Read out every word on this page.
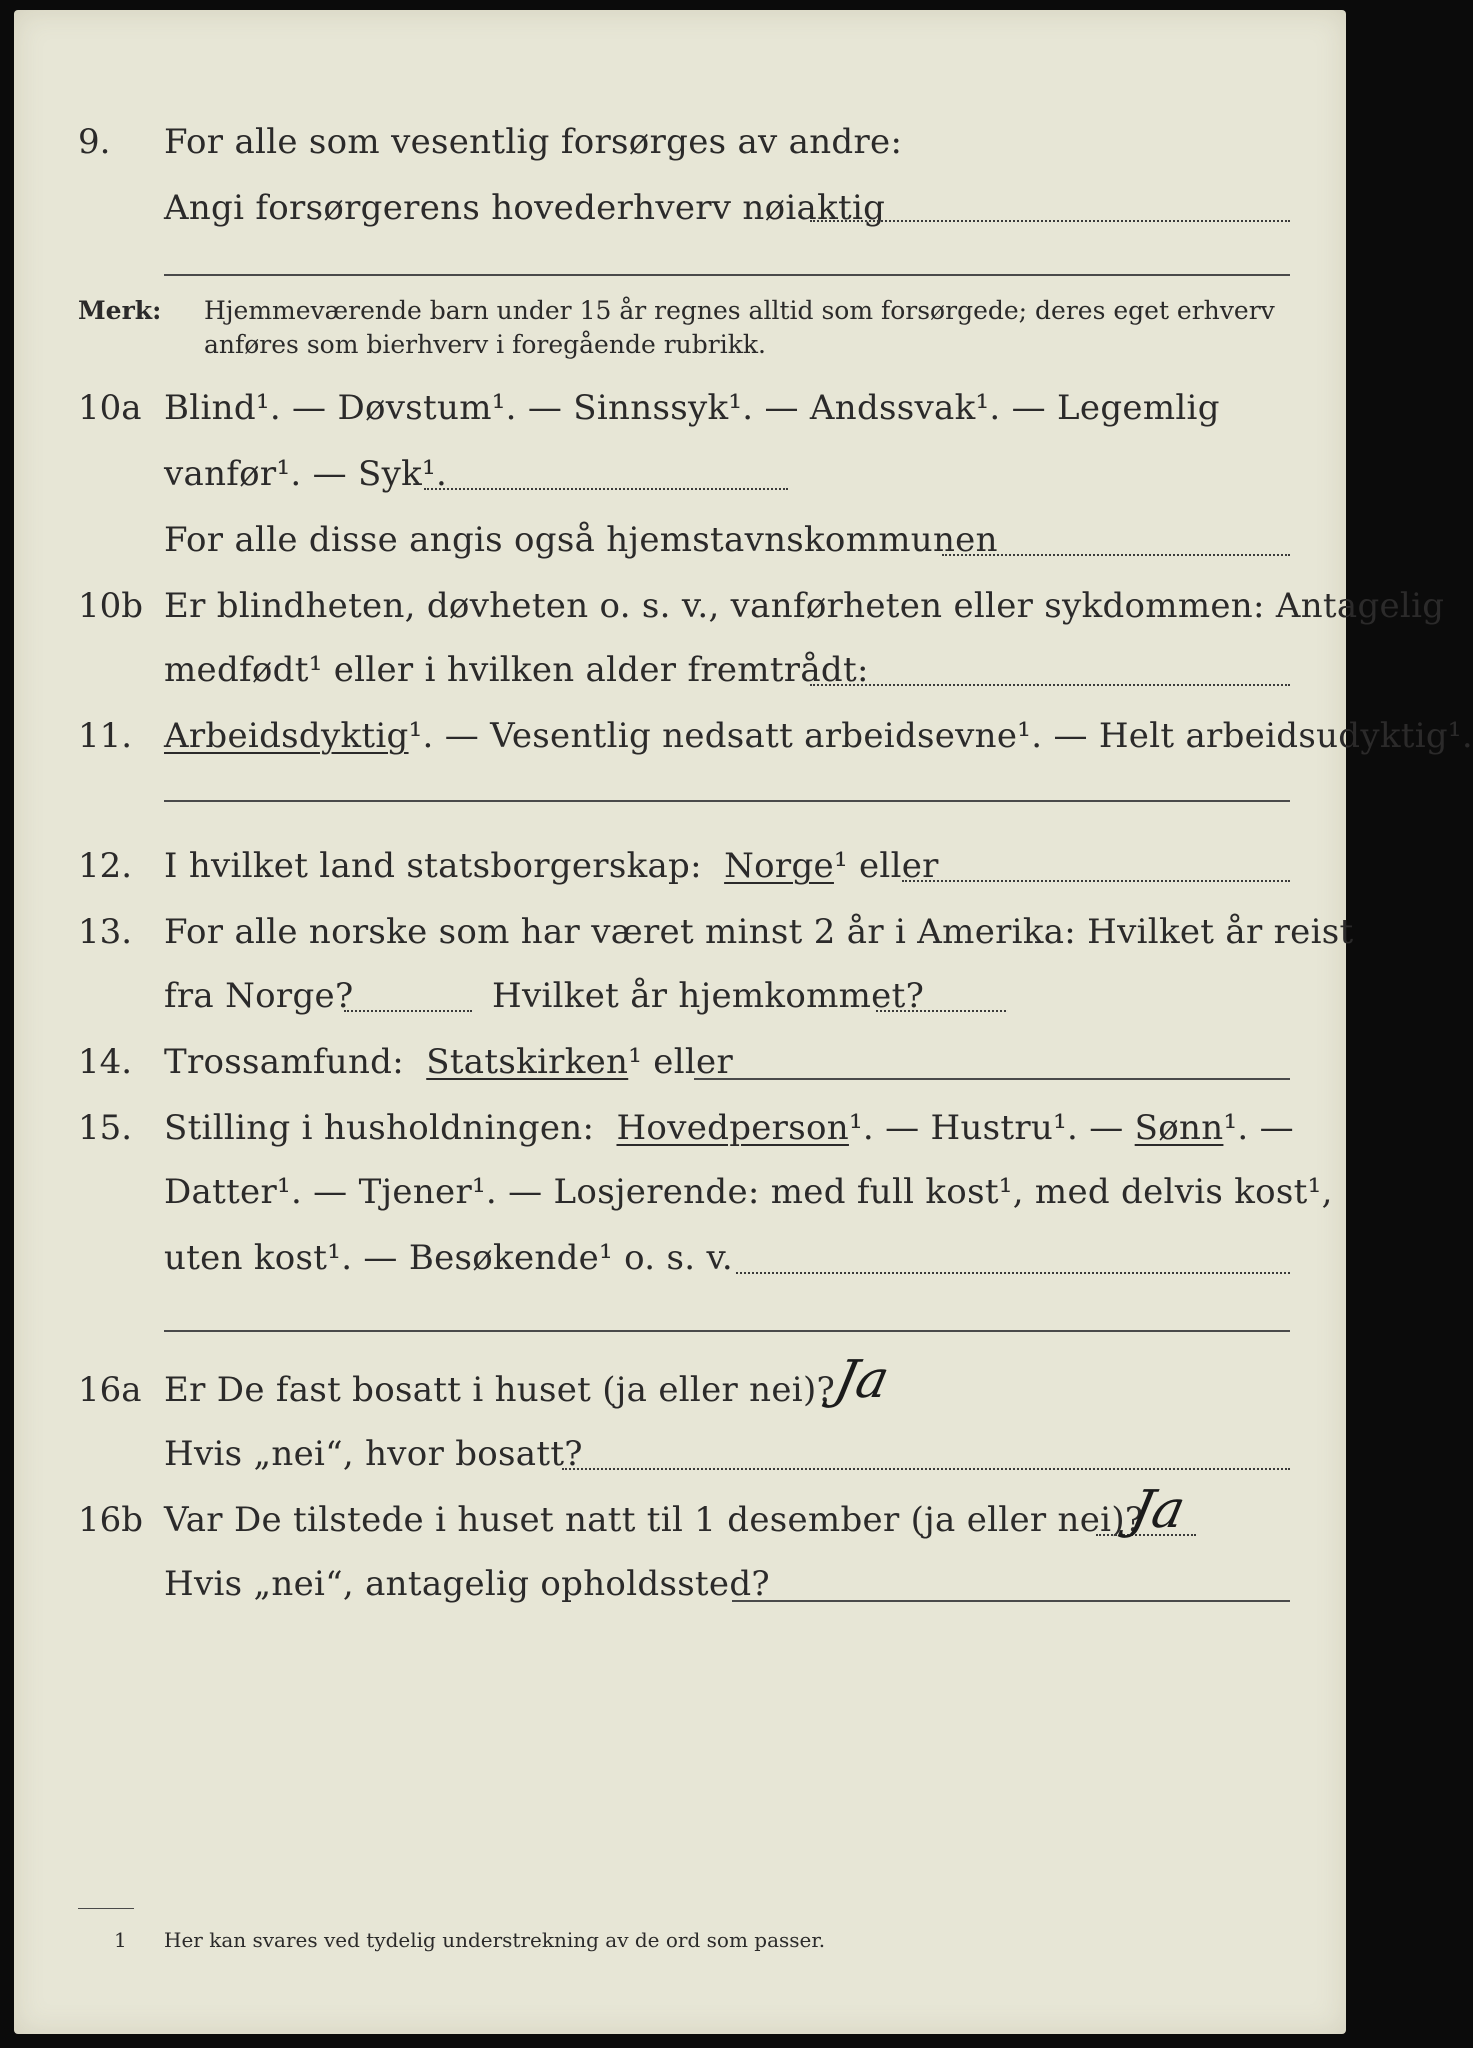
9. For alle som vesentlig forsørges av andre:
Angi forsørgerens hovederhverv nøiaktig
Merk: Hjemmeværende barn under 15 år regnes alltid som forsørgede; deres eget erhverv
anføres som bierhverv i foregående rubrikk.
10a Blind¹. — Døvstum¹. — Sinnssyk¹. — Andssvak¹. — Legemlig
vanfør¹. — Syk¹.
For alle disse angis også hjemstavnskommunen
10b Er blindheten, døvheten o. s. v., vanførheten eller sykdommen: Antagelig
medfødt¹ eller i hvilken alder fremtrådt:
11. Arbeidsdyktig¹. — Vesentlig nedsatt arbeidsevne¹. — Helt arbeidsudyktig¹.
12. I hvilket land statsborgerskap: Norge¹ eller
13. For alle norske som har været minst 2 år i Amerika: Hvilket år reist
fra Norge?	Hvilket år hjemkommet?
14. Trossamfund: Statskirken¹ eller
15. Stilling i husholdningen: Hovedperson¹. — Hustru¹. — Sønn¹. —
Datter¹. — Tjener¹. — Losjerende: med full kost¹, med delvis kost¹,
uten kost¹. — Besøkende¹ o. s. v.
16a Er De fast bosatt i huset (ja eller nei)?
Ja
Hvis „nei“, hvor bosatt?
16b Var De tilstede i huset natt til 1 desember (ja eller nei)?
Ja
Hvis „nei“, antagelig opholdssted?
1 Her kan svares ved tydelig understrekning av de ord som passer.
